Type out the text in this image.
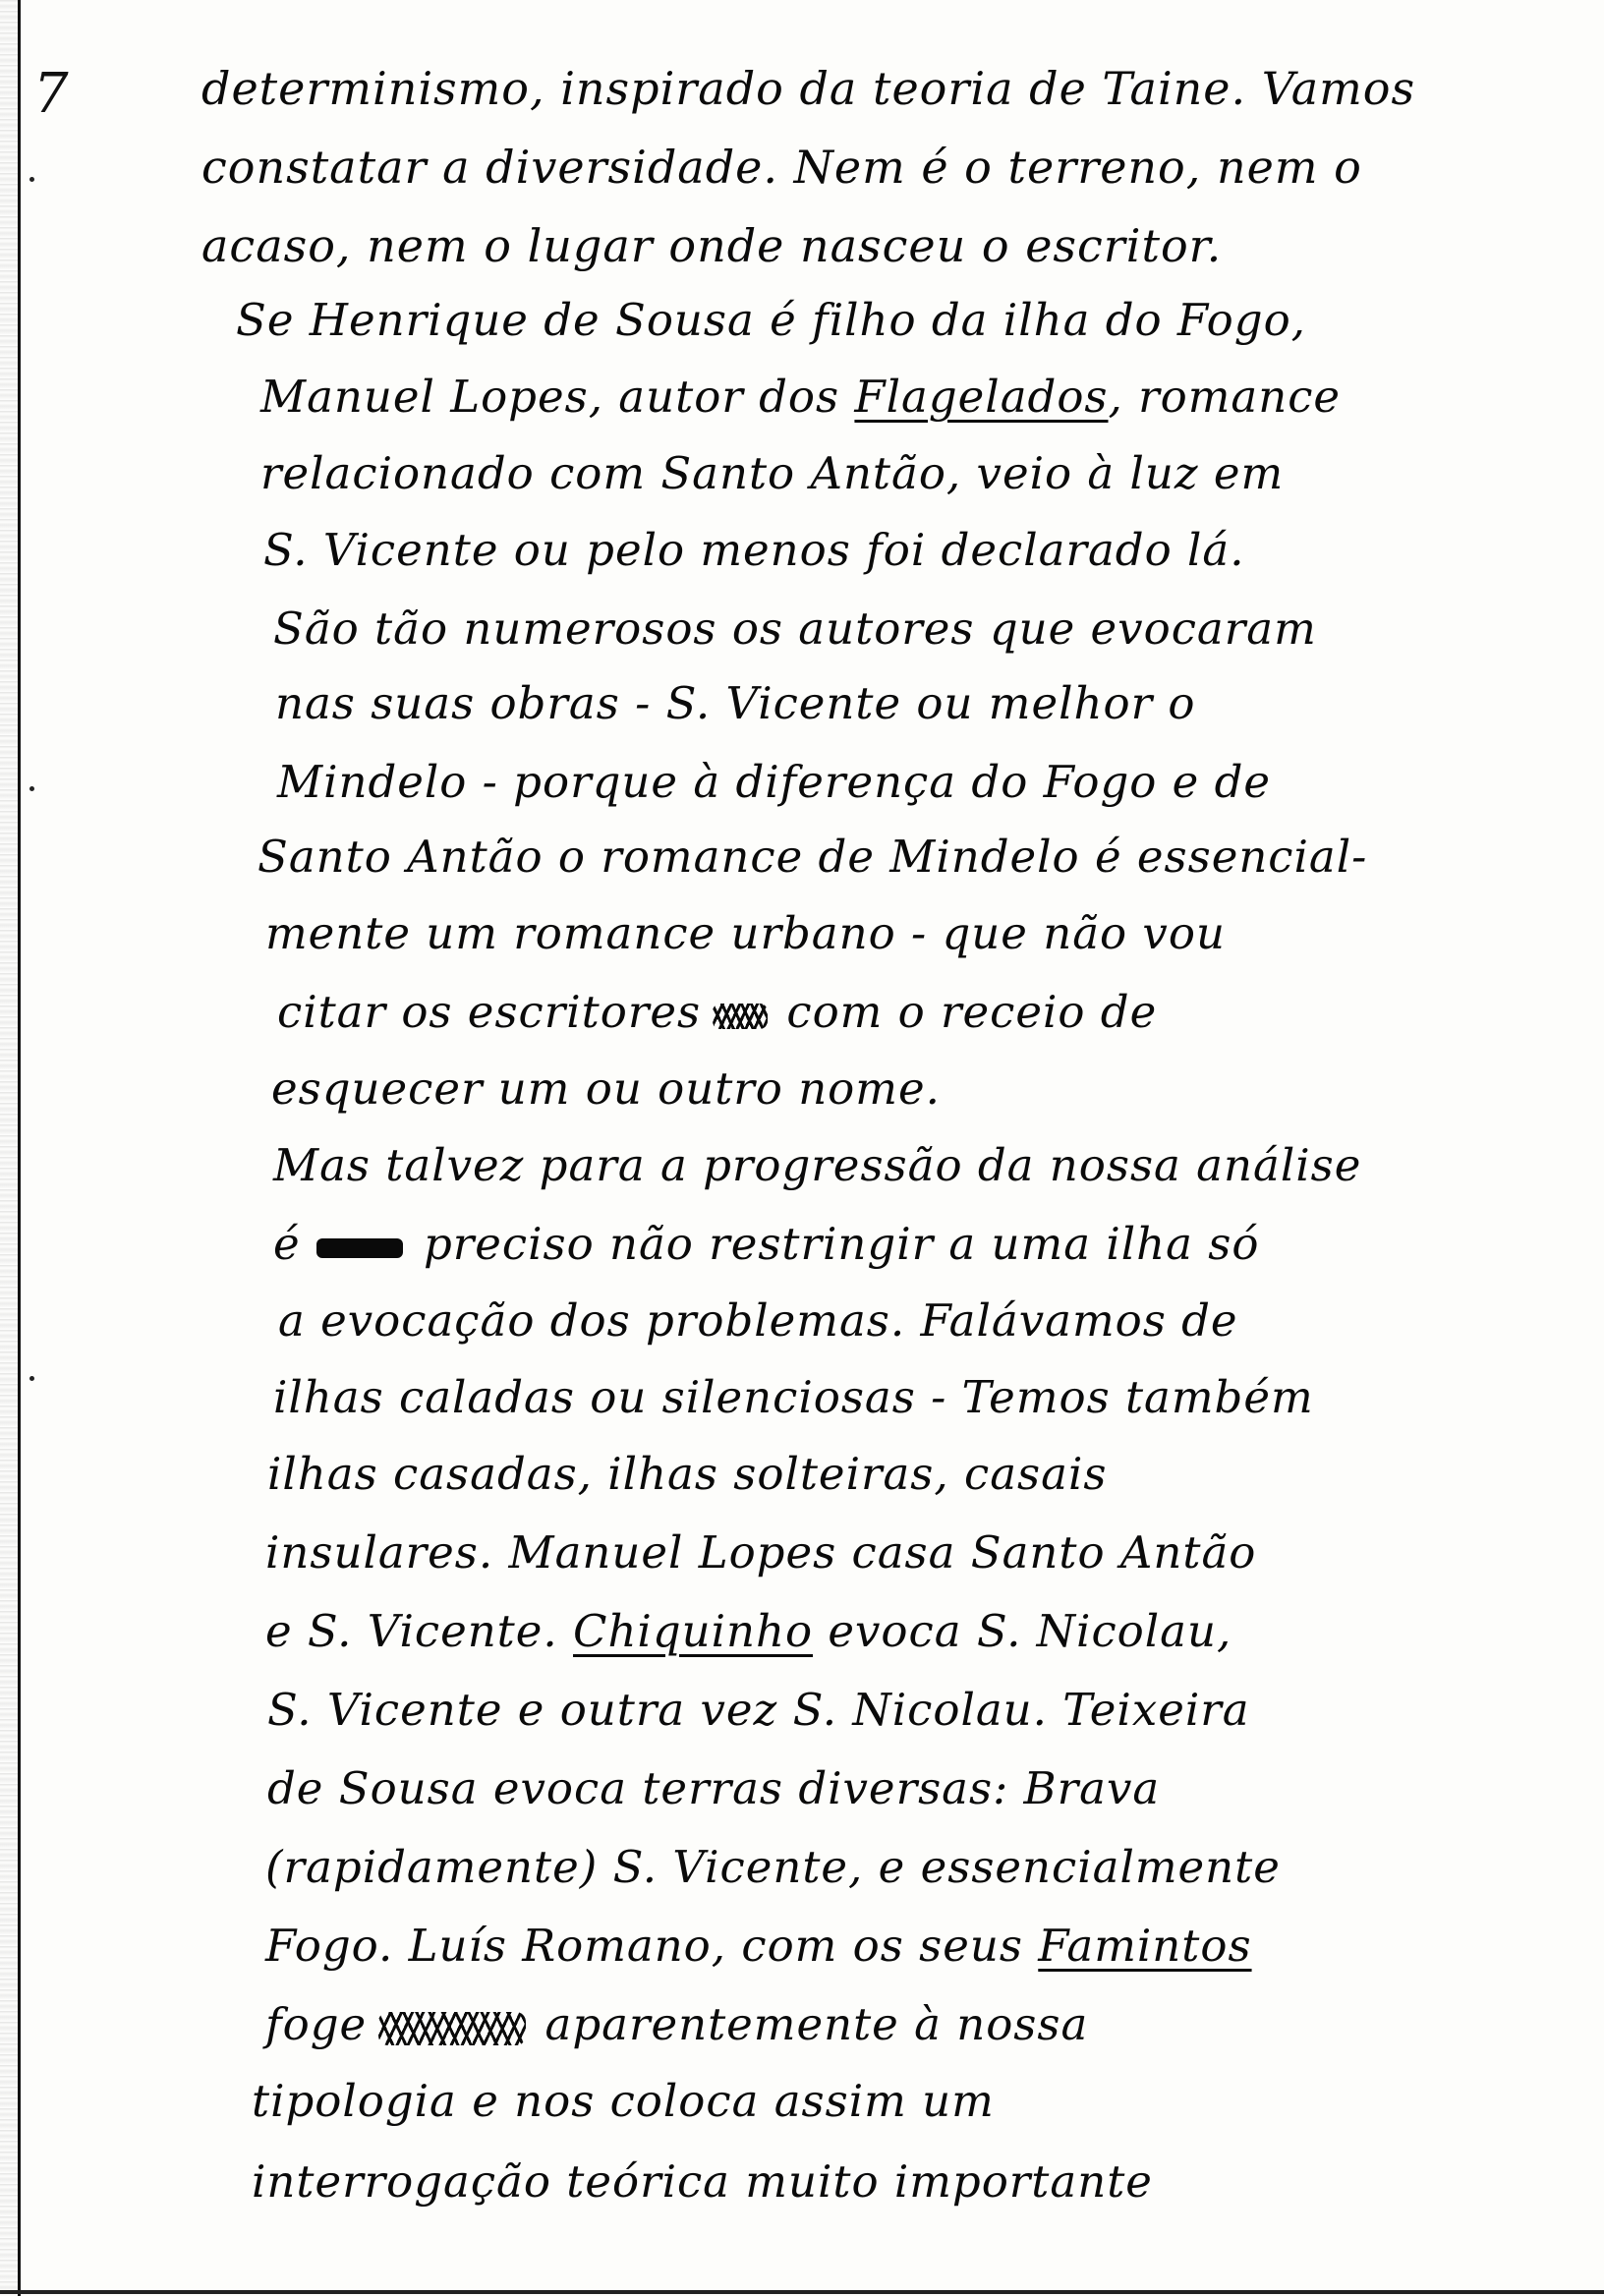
7	determinismo, inspirado da teoria de Taine. Vamos
constatar a diversidade. Nem é o terreno, nem o
acaso, nem o lugar onde nasceu o escritor.
Se Henrique de Sousa é filho da ilha do Fogo,
Manuel Lopes, autor dos Flagelados, romance
relacionado com Santo Antão, veio à luz em
S. Vicente ou pelo menos foi declarado lá.
São tão numerosos os autores que evocaram
nas suas obras - S. Vicente ou melhor o
Mindelo - porque à diferença do Fogo e de
Santo Antão o romance de Mindelo é essencial-
mente um romance urbano - que não vou
citar os escritores com o receio de
esquecer um ou outro nome.
Mas talvez para a progressão da nossa análise
é preciso não restringir a uma ilha só
a evocação dos problemas. Falávamos de
ilhas caladas ou silenciosas - Temos também
ilhas casadas, ilhas solteiras, casais
insulares. Manuel Lopes casa Santo Antão
e S. Vicente. Chiquinho evoca S. Nicolau,
S. Vicente e outra vez S. Nicolau. Teixeira
de Sousa evoca terras diversas: Brava
(rapidamente) S. Vicente, e essencialmente
Fogo. Luís Romano, com os seus Famintos
foge	aparentemente à nossa
tipologia e nos coloca assim um
interrogação teórica muito importante
